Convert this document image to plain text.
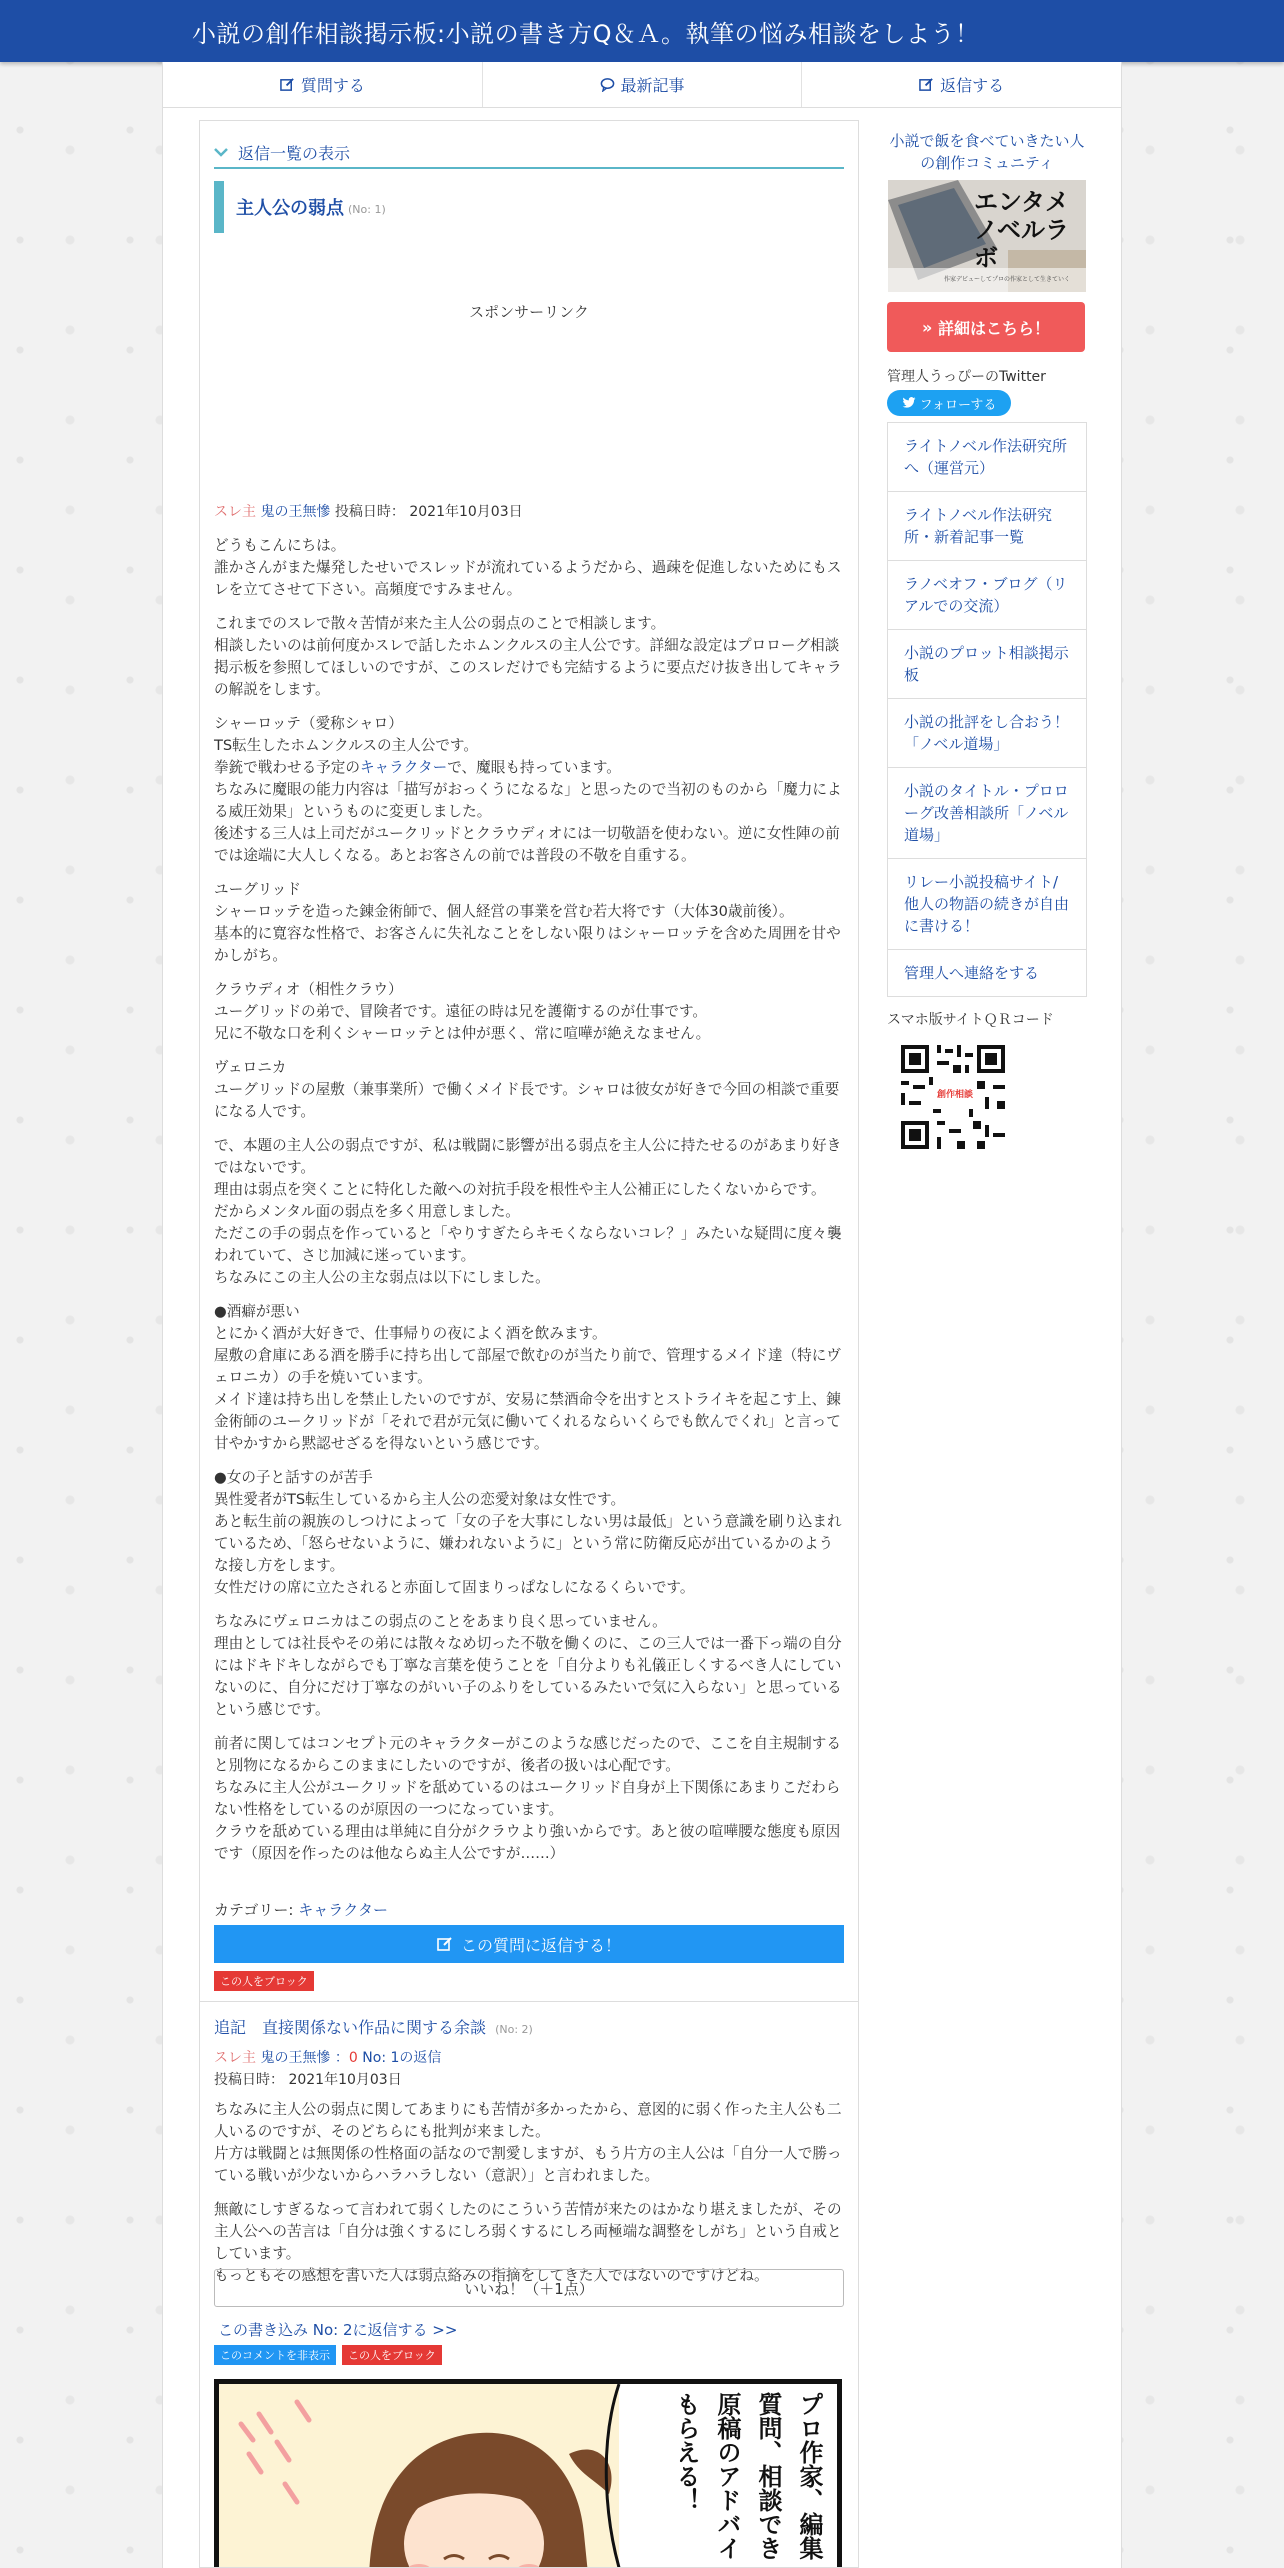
小説の創作相談掲示板:小説の書き方Q＆Ａ。執筆の悩み相談をしよう！
質問する	最新記事	返信する
返信一覧の表示
主人公の弱点 (No: 1)
スポンサーリンク
スレ主 鬼の王無慘 投稿日時： 2021年10月03日

どうもこんにちは。
誰かさんがまた爆発したせいでスレッドが流れているようだから、過疎を促進しないためにもスレを立てさせて下さい。高頻度ですみません。

これまでのスレで散々苦情が来た主人公の弱点のことで相談します。
相談したいのは前何度かスレで話したホムンクルスの主人公です。詳細な設定はプロローグ相談掲示板を参照してほしいのですが、このスレだけでも完結するように要点だけ抜き出してキャラの解説をします。

シャーロッテ（愛称シャロ）
TS転生したホムンクルスの主人公です。
拳銃で戦わせる予定のキャラクターで、魔眼も持っています。
ちなみに魔眼の能力内容は「描写がおっくうになるな」と思ったので当初のものから「魔力による威圧効果」というものに変更しました。
後述する三人は上司だがユークリッドとクラウディオには一切敬語を使わない。逆に女性陣の前では途端に大人しくなる。あとお客さんの前では普段の不敬を自重する。

ユーグリッド
シャーロッテを造った錬金術師で、個人経営の事業を営む若大将です（大体30歳前後）。
基本的に寛容な性格で、お客さんに失礼なことをしない限りはシャーロッテを含めた周囲を甘やかしがち。

クラウディオ（相性クラウ）
ユーグリッドの弟で、冒険者です。遠征の時は兄を護衛するのが仕事です。
兄に不敬な口を利くシャーロッテとは仲が悪く、常に喧嘩が絶えなません。

ヴェロニカ
ユーグリッドの屋敷（兼事業所）で働くメイド長です。シャロは彼女が好きで今回の相談で重要になる人です。

で、本題の主人公の弱点ですが、私は戦闘に影響が出る弱点を主人公に持たせるのがあまり好きではないです。
理由は弱点を突くことに特化した敵への対抗手段を根性や主人公補正にしたくないからです。
だからメンタル面の弱点を多く用意しました。
ただこの手の弱点を作っていると「やりすぎたらキモくならないコレ？」みたいな疑問に度々襲われていて、さじ加減に迷っています。
ちなみにこの主人公の主な弱点は以下にしました。

●酒癖が悪い
とにかく酒が大好きで、仕事帰りの夜によく酒を飲みます。
屋敷の倉庫にある酒を勝手に持ち出して部屋で飲むのが当たり前で、管理するメイド達（特にヴェロニカ）の手を焼いています。
メイド達は持ち出しを禁止したいのですが、安易に禁酒命令を出すとストライキを起こす上、錬金術師のユークリッドが「それで君が元気に働いてくれるならいくらでも飲んでくれ」と言って甘やかすから黙認せざるを得ないという感じです。

●女の子と話すのが苦手
異性愛者がTS転生しているから主人公の恋愛対象は女性です。
あと転生前の親族のしつけによって「女の子を大事にしない男は最低」という意識を刷り込まれているため、「怒らせないように、嫌われないように」という常に防衛反応が出ているかのような接し方をします。
女性だけの席に立たされると赤面して固まりっぱなしになるくらいです。

ちなみにヴェロニカはこの弱点のことをあまり良く思っていません。
理由としては社長やその弟には散々なめ切った不敬を働くのに、この三人では一番下っ端の自分にはドキドキしながらでも丁寧な言葉を使うことを「自分よりも礼儀正しくするべき人にしていないのに、自分にだけ丁寧なのがいい子のふりをしているみたいで気に入らない」と思っているという感じです。

前者に関してはコンセプト元のキャラクターがこのような感じだったので、ここを自主規制すると別物になるからこのままにしたいのですが、後者の扱いは心配です。
ちなみに主人公がユークリッドを舐めているのはユークリッド自身が上下関係にあまりこだわらない性格をしているのが原因の一つになっています。
クラウを舐めている理由は単純に自分がクラウより強いからです。あと彼の喧嘩腰な態度も原因です（原因を作ったのは他ならぬ主人公ですが……）

カテゴリー: キャラクター
この質問に返信する！
この人をブロック
追記　直接関係ない作品に関する余談 (No: 2)
スレ主 鬼の王無慘 ：0 No: 1の返信
投稿日時： 2021年10月03日

ちなみに主人公の弱点に関してあまりにも苦情が多かったから、意図的に弱く作った主人公も二人いるのですが、そのどちらにも批判が来ました。
片方は戦闘とは無関係の性格面の話なので割愛しますが、もう片方の主人公は「自分一人で勝っている戦いが少ないからハラハラしない（意訳）」と言われました。

無敵にしすぎるなって言われて弱くしたのにこういう苦情が来たのはかなり堪えましたが、その主人公への苦言は「自分は強くするにしろ弱くするにしろ両極端な調整をしがち」という自戒としています。
もっともその感想を書いた人は弱点絡みの指摘をしてきた人ではないのですけどね。

いいね！（＋1点）
この書き込み No: 2に返信する >>
このコメントを非表示	この人をブロック
プロ作家、編集
質問、相談でき
原稿のアドバイ
もらえる！
小説で飯を食べていきたい人の創作コミュニティ
エンタメ
ノベルラボ
作家デビューしてプロの作家として生きていく
»
詳細はこちら！
管理人うっぴーのTwitter
フォローする
ライトノベル作法研究所へ（運営元）
ライトノベル作法研究所・新着記事一覧
ラノベオフ・ブログ（リアルでの交流）
小説のプロット相談掲示板
小説の批評をし合おう！「ノベル道場」
小説のタイトル・プロローグ改善相談所「ノベル道場」
リレー小説投稿サイト/他人の物語の続きが自由に書ける！
管理人へ連絡をする
スマホ版サイトＱＲコード
創作相談
